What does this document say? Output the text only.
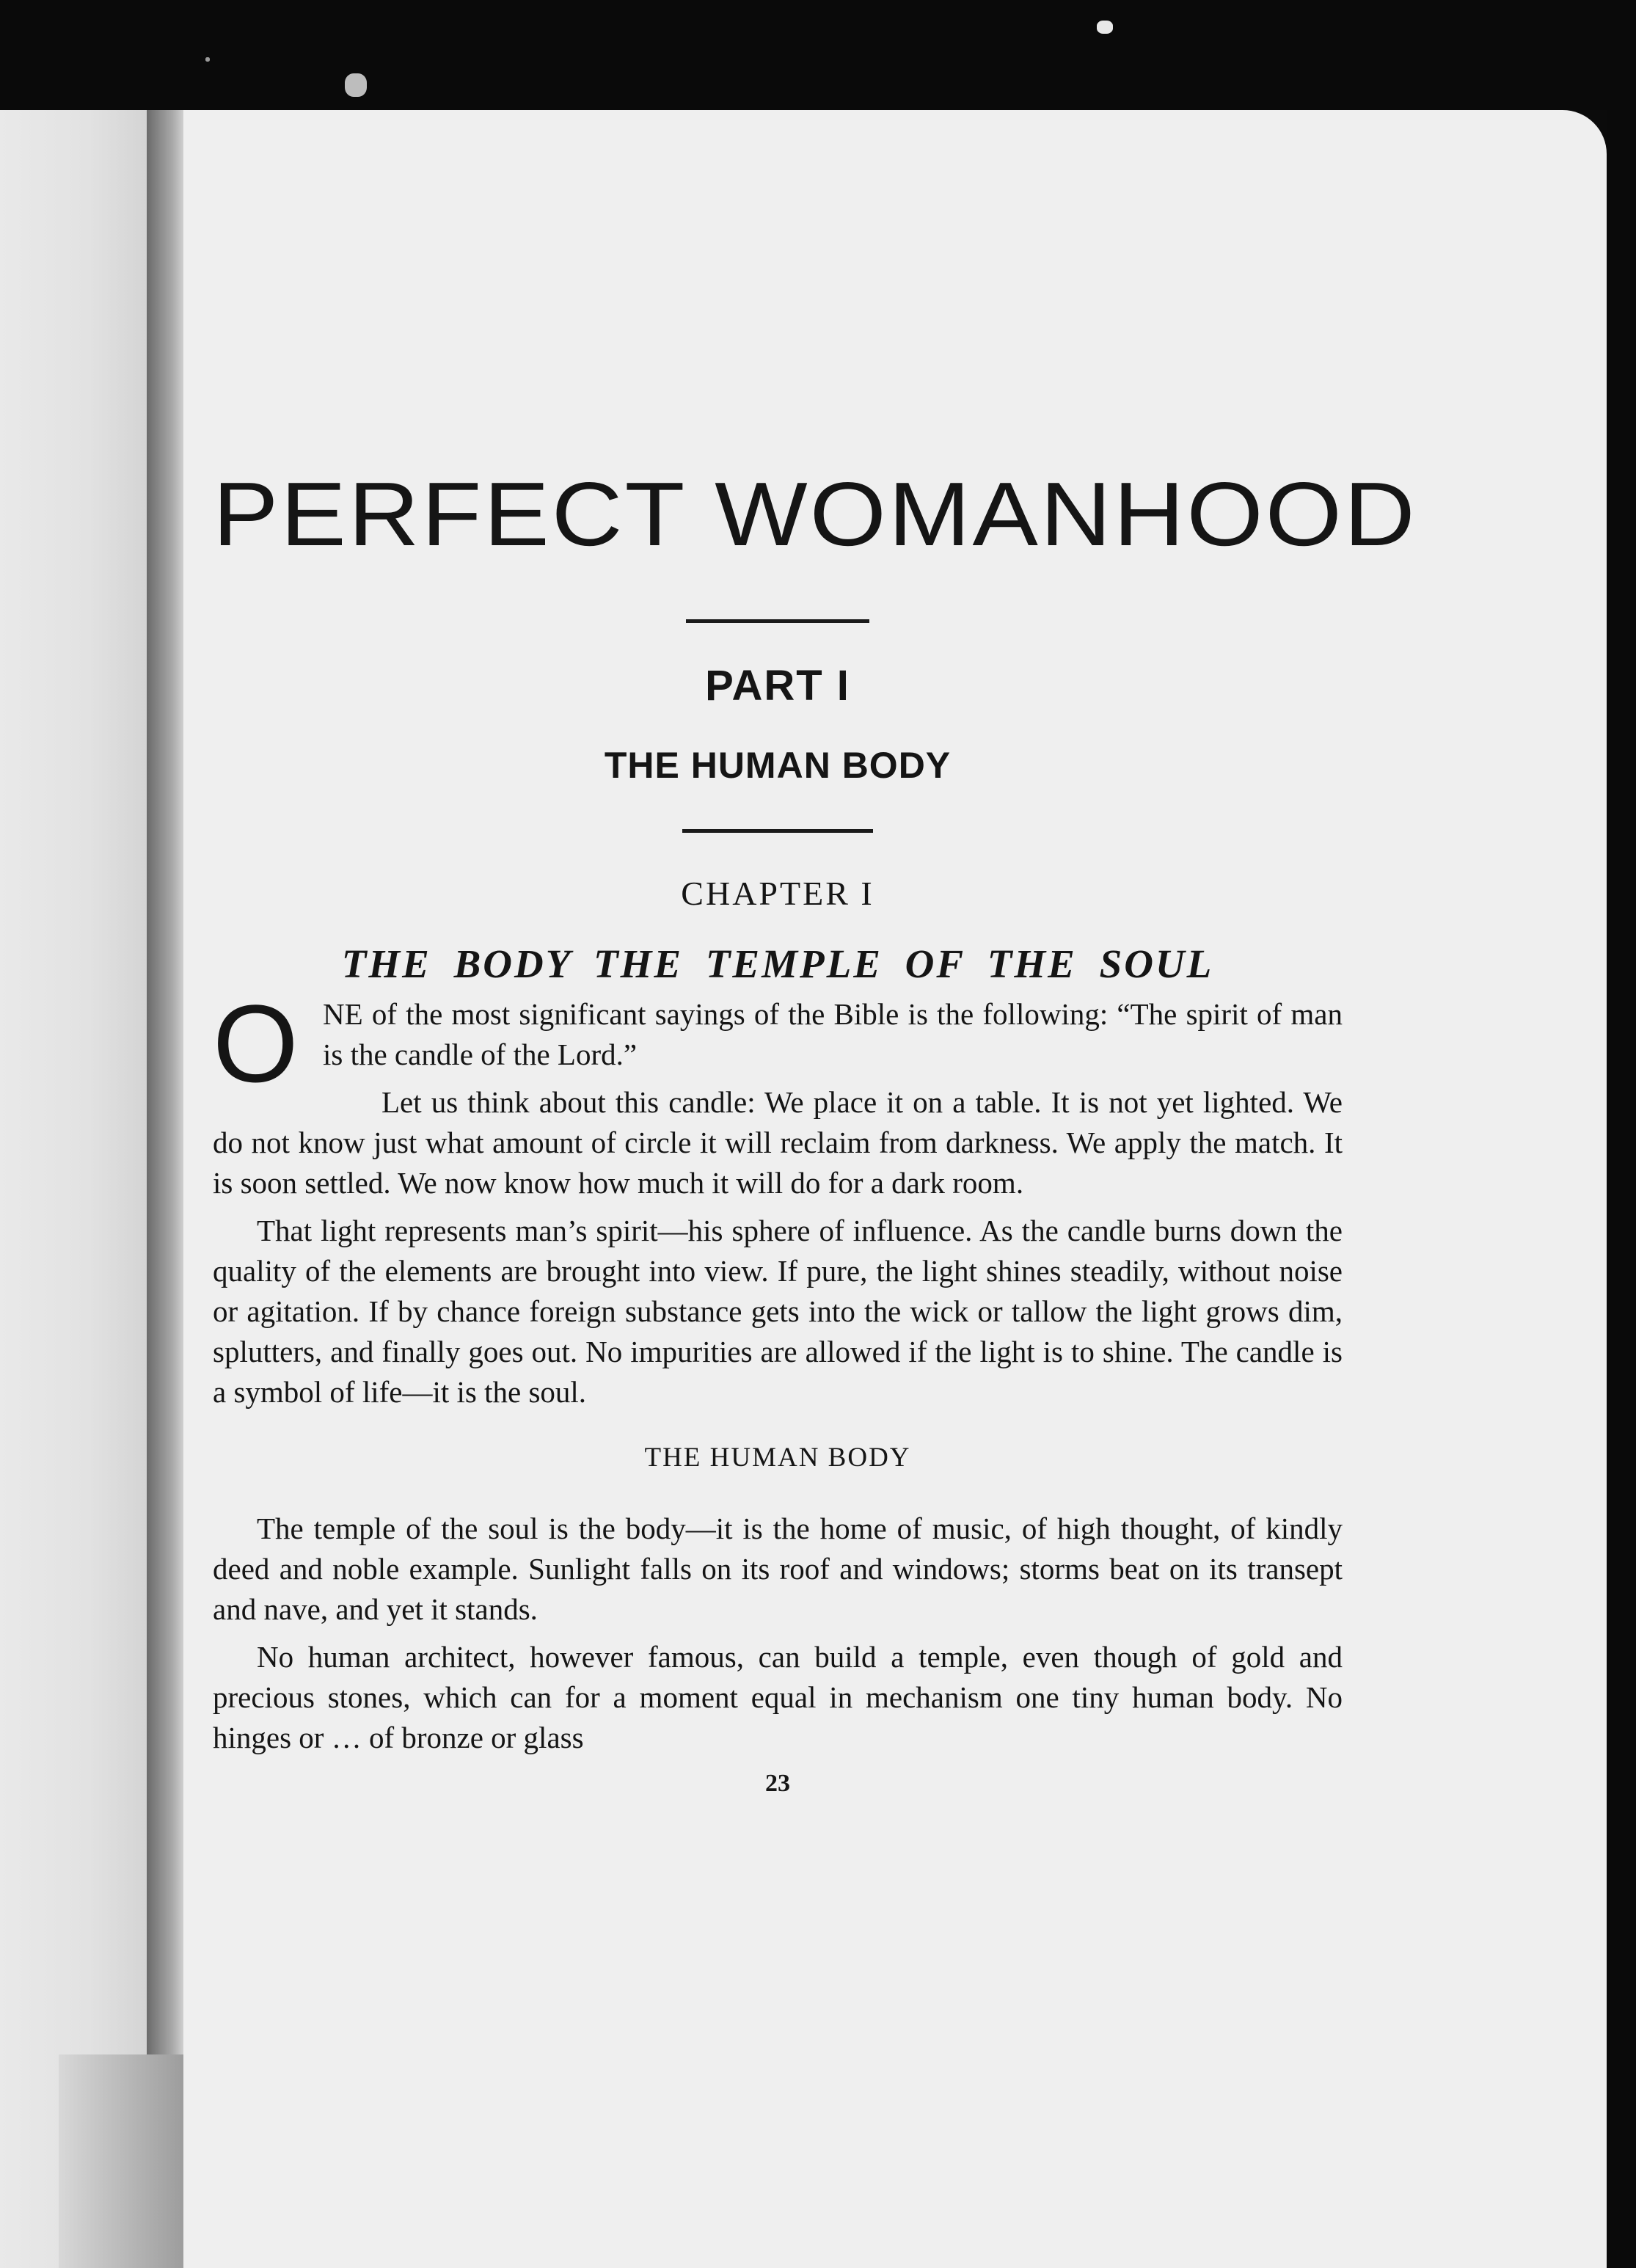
PERFECT WOMANHOOD
PART I
THE HUMAN BODY
CHAPTER I
THE BODY THE TEMPLE OF THE SOUL
O NE of the most significant sayings of the Bible is the following: “The spirit of man is the candle of the Lord.”

Let us think about this candle: We place it on a table. It is not yet lighted. We do not know just what amount of circle it will reclaim from darkness. We apply the match. It is soon settled. We now know how much it will do for a dark room.

That light represents man’s spirit—his sphere of influence. As the candle burns down the quality of the elements are brought into view. If pure, the light shines steadily, without noise or agitation. If by chance foreign substance gets into the wick or tallow the light grows dim, splutters, and finally goes out. No impurities are allowed if the light is to shine. The candle is a symbol of life—it is the soul.

THE HUMAN BODY

The temple of the soul is the body—it is the home of music, of high thought, of kindly deed and noble example. Sunlight falls on its roof and windows; storms beat on its transept and nave, and yet it stands.

No human architect, however famous, can build a temple, even though of gold and precious stones, which can for a moment equal in mechanism one tiny human body. No hinges or … of bronze or glass

23
